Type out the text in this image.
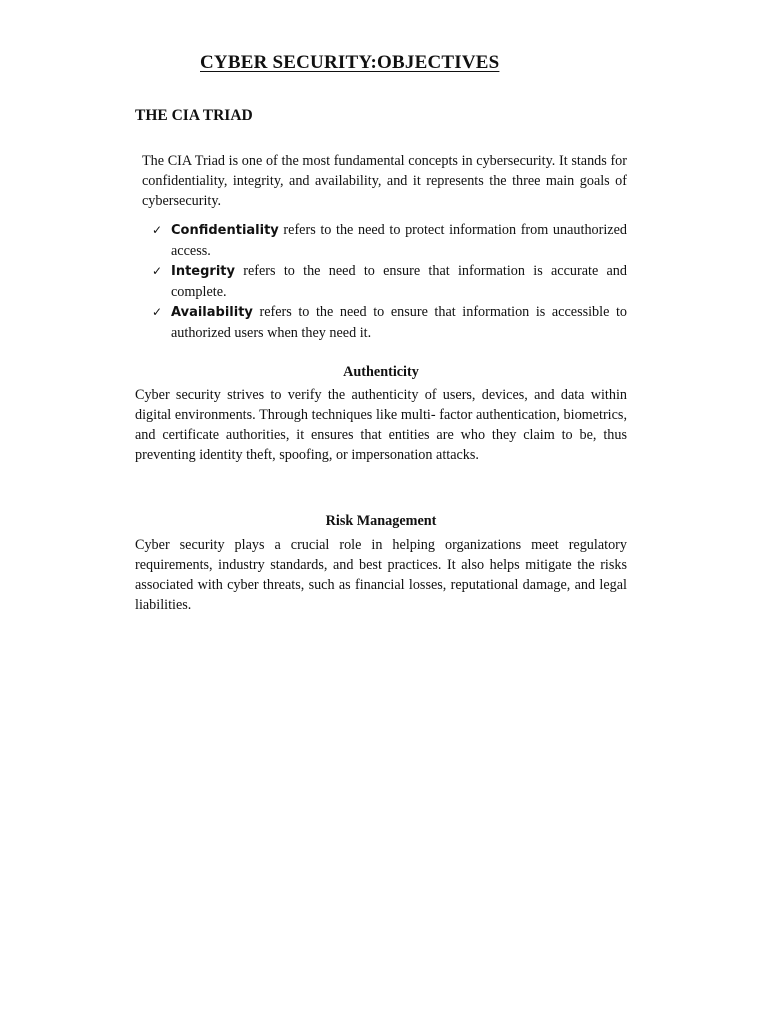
CYBER SECURITY:OBJECTIVES
THE CIA TRIAD

The CIA Triad is one of the most fundamental concepts in cybersecurity. It stands for confidentiality, integrity, and availability, and it represents the three main goals of cybersecurity.

✓ Confidentiality refers to the need to protect information from unauthorized access.
✓ Integrity refers to the need to ensure that information is accurate and complete.
✓ Availability refers to the need to ensure that information is accessible to authorized users when they need it.
Authenticity

Cyber security strives to verify the authenticity of users, devices, and data within digital environments. Through techniques like multi- factor authentication, biometrics, and certificate authorities, it ensures that entities are who they claim to be, thus preventing identity theft, spoofing, or impersonation attacks.

Risk Management

Cyber security plays a crucial role in helping organizations meet regulatory requirements, industry standards, and best practices. It also helps mitigate the risks associated with cyber threats, such as financial losses, reputational damage, and legal liabilities.
